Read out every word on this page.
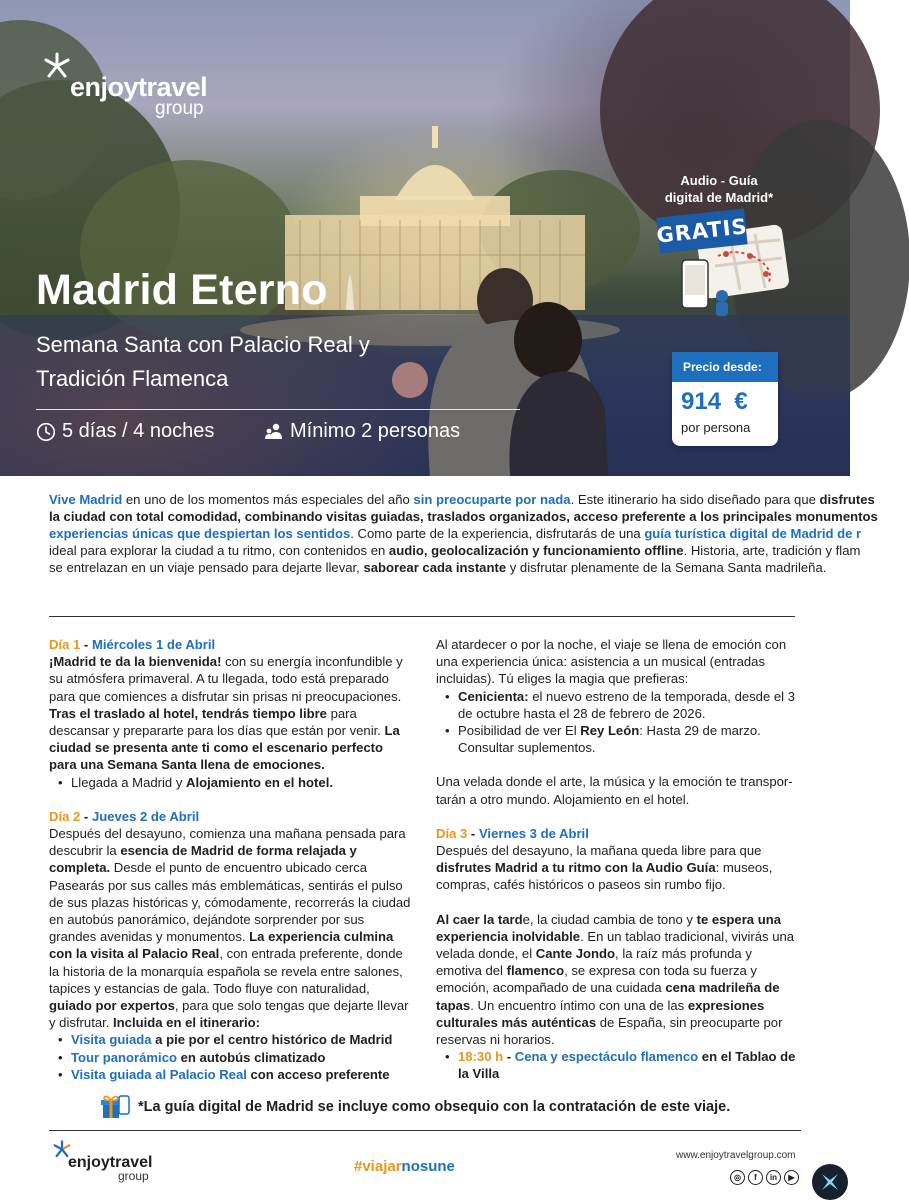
enjoytravel
group
Madrid Eterno
Semana Santa con Palacio Real y Tradición Flamenca
5 días / 4 noches	Mínimo 2 personas
Audio - Guía
digital de Madrid*
GRATIS
Precio desde:
914  €
por persona
Vive Madrid en uno de los momentos más especiales del año sin preocuparte por nada. Este itinerario ha sido diseñado para que disfrutes
la ciudad con total comodidad, combinando visitas guiadas, traslados organizados, acceso preferente a los principales monumentos
experiencias únicas que despiertan los sentidos. Como parte de la experiencia, disfrutarás de una guía turística digital de Madrid de r
ideal para explorar la ciudad a tu ritmo, con contenidos en audio, geolocalización y funcionamiento offline. Historia, arte, tradición y flam
se entrelazan en un viaje pensado para dejarte llevar, saborear cada instante y disfrutar plenamente de la Semana Santa madrileña.

Día 1 - Miércoles 1 de Abril

¡Madrid te da la bienvenida! con su energía inconfundible y su atmósfera primaveral. A tu llegada, todo está preparado para que comiences a disfrutar sin prisas ni preocupaciones. Tras el traslado al hotel, tendrás tiempo libre para descansar y prepararte para los días que están por venir. La ciudad se presenta ante ti como el escenario perfecto para una Semana Santa llena de emociones.

• Llegada a Madrid y Alojamiento en el hotel.

Día 2 - Jueves 2 de Abril

Después del desayuno, comienza una mañana pensada para descubrir la esencia de Madrid de forma relajada y completa. Desde el punto de encuentro ubicado cerca Pasearás por sus calles más emblemáticas, sentirás el pulso de sus plazas históricas y, cómodamente, recorrerás la ciudad en autobús panorámico, dejándote sorprender por sus grandes avenidas y monumentos. La experiencia culmina con la visita al Palacio Real, con entrada preferente, donde la historia de la monarquía española se revela entre salones, tapices y estancias de gala. Todo fluye con naturalidad, guiado por expertos, para que solo tengas que dejarte llevar y disfrutar. Incluida en el itinerario:

• Visita guiada a pie por el centro histórico de Madrid
• Tour panorámico en autobús climatizado
• Visita guiada al Palacio Real con acceso preferente

Al atardecer o por la noche, el viaje se llena de emoción con una experiencia única: asistencia a un musical (entradas incluidas). Tú eliges la magia que prefieras:

• Cenicienta: el nuevo estreno de la temporada, desde el 3 de octubre hasta el 28 de febrero de 2026.
• Posibilidad de ver El Rey León: Hasta 29 de marzo. Consultar suplementos.

Una velada donde el arte, la música y la emoción te transpor-tarán a otro mundo. Alojamiento en el hotel.

Día 3 - Viernes 3 de Abril

Después del desayuno, la mañana queda libre para que disfrutes Madrid a tu ritmo con la Audio Guía: museos, compras, cafés históricos o paseos sin rumbo fijo.

Al caer la tarde, la ciudad cambia de tono y te espera una experiencia inolvidable. En un tablao tradicional, vivirás una velada donde, el Cante Jondo, la raíz más profunda y emotiva del flamenco, se expresa con toda su fuerza y emoción, acompañado de una cuidada cena madrileña de tapas. Un encuentro íntimo con una de las expresiones culturales más auténticas de España, sin preocuparte por reservas ni horarios.

• 18:30 h - Cena y espectáculo flamenco en el Tablao de la Villa
*La guía digital de Madrid se incluye como obsequio con la contratación de este viaje.
enjoytravel
group
#viajarnosune
www.enjoytravelgroup.com
◎	f	in	▶
